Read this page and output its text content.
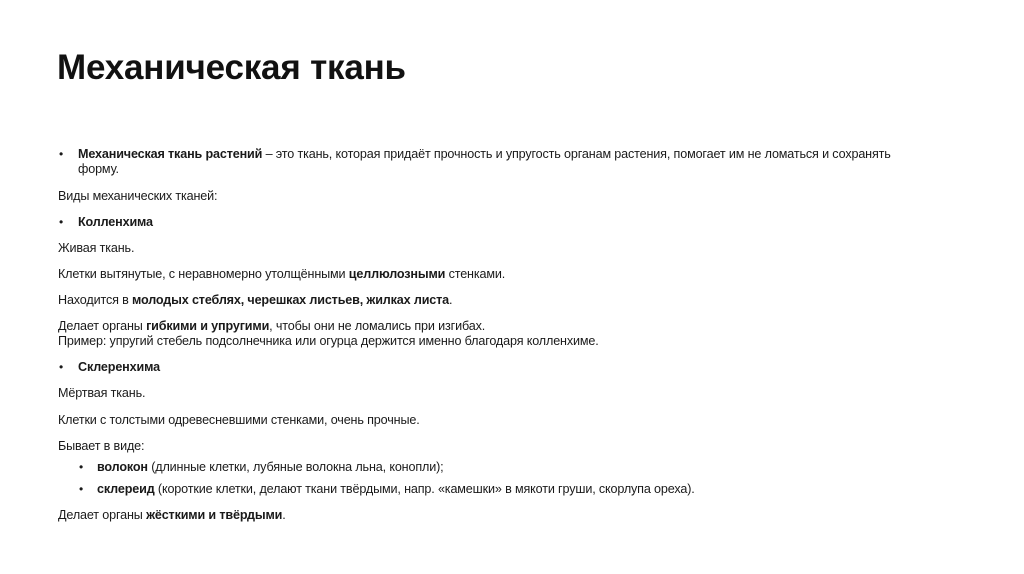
Механическая ткань
• Механическая ткань растений – это ткань, которая придаёт прочность и упругость органам растения, помогает им не ломаться и сохранять
форму.
Виды механических тканей:
• Колленхима
Живая ткань.
Клетки вытянутые, с неравномерно утолщёнными целлюлозными стенками.
Находится в молодых стеблях, черешках листьев, жилках листа.
Делает органы гибкими и упругими, чтобы они не ломались при изгибах.
Пример: упругий стебель подсолнечника или огурца держится именно благодаря колленхиме.
• Склеренхима
Мёртвая ткань.
Клетки с толстыми одревесневшими стенками, очень прочные.
Бывает в виде:
• волокон (длинные клетки, лубяные волокна льна, конопли);
• склереид (короткие клетки, делают ткани твёрдыми, напр. «камешки» в мякоти груши, скорлупа ореха).
Делает органы жёсткими и твёрдыми.
